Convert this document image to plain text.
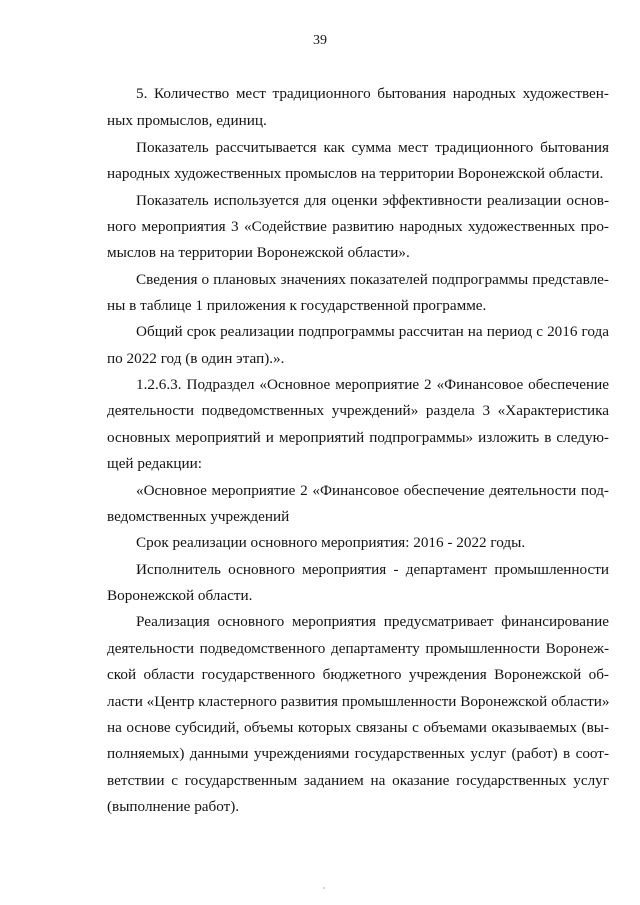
39
5. Количество мест традиционного бытования народных художествен-
ных промыслов, единиц.
Показатель рассчитывается как сумма мест традиционного бытования
народных художественных промыслов на территории Воронежской области.
Показатель используется для оценки эффективности реализации основ-
ного мероприятия 3 «Содействие развитию народных художественных про-
мыслов на территории Воронежской области».
Сведения о плановых значениях показателей подпрограммы представле-
ны в таблице 1 приложения к государственной программе.
Общий срок реализации подпрограммы рассчитан на период с 2016 года
по 2022 год (в один этап).».
1.2.6.3. Подраздел «Основное мероприятие 2 «Финансовое обеспечение
деятельности подведомственных учреждений» раздела 3 «Характеристика
основных мероприятий и мероприятий подпрограммы» изложить в следую-
щей редакции:
«Основное мероприятие 2 «Финансовое обеспечение деятельности под-
ведомственных учреждений
Срок реализации основного мероприятия: 2016 - 2022 годы.
Исполнитель основного мероприятия - департамент промышленности
Воронежской области.
Реализация основного мероприятия предусматривает финансирование
деятельности подведомственного департаменту промышленности Воронеж-
ской области государственного бюджетного учреждения Воронежской об-
ласти «Центр кластерного развития промышленности Воронежской области»
на основе субсидий, объемы которых связаны с объемами оказываемых (вы-
полняемых) данными учреждениями государственных услуг (работ) в соот-
ветствии с государственным заданием на оказание государственных услуг
(выполнение работ).
